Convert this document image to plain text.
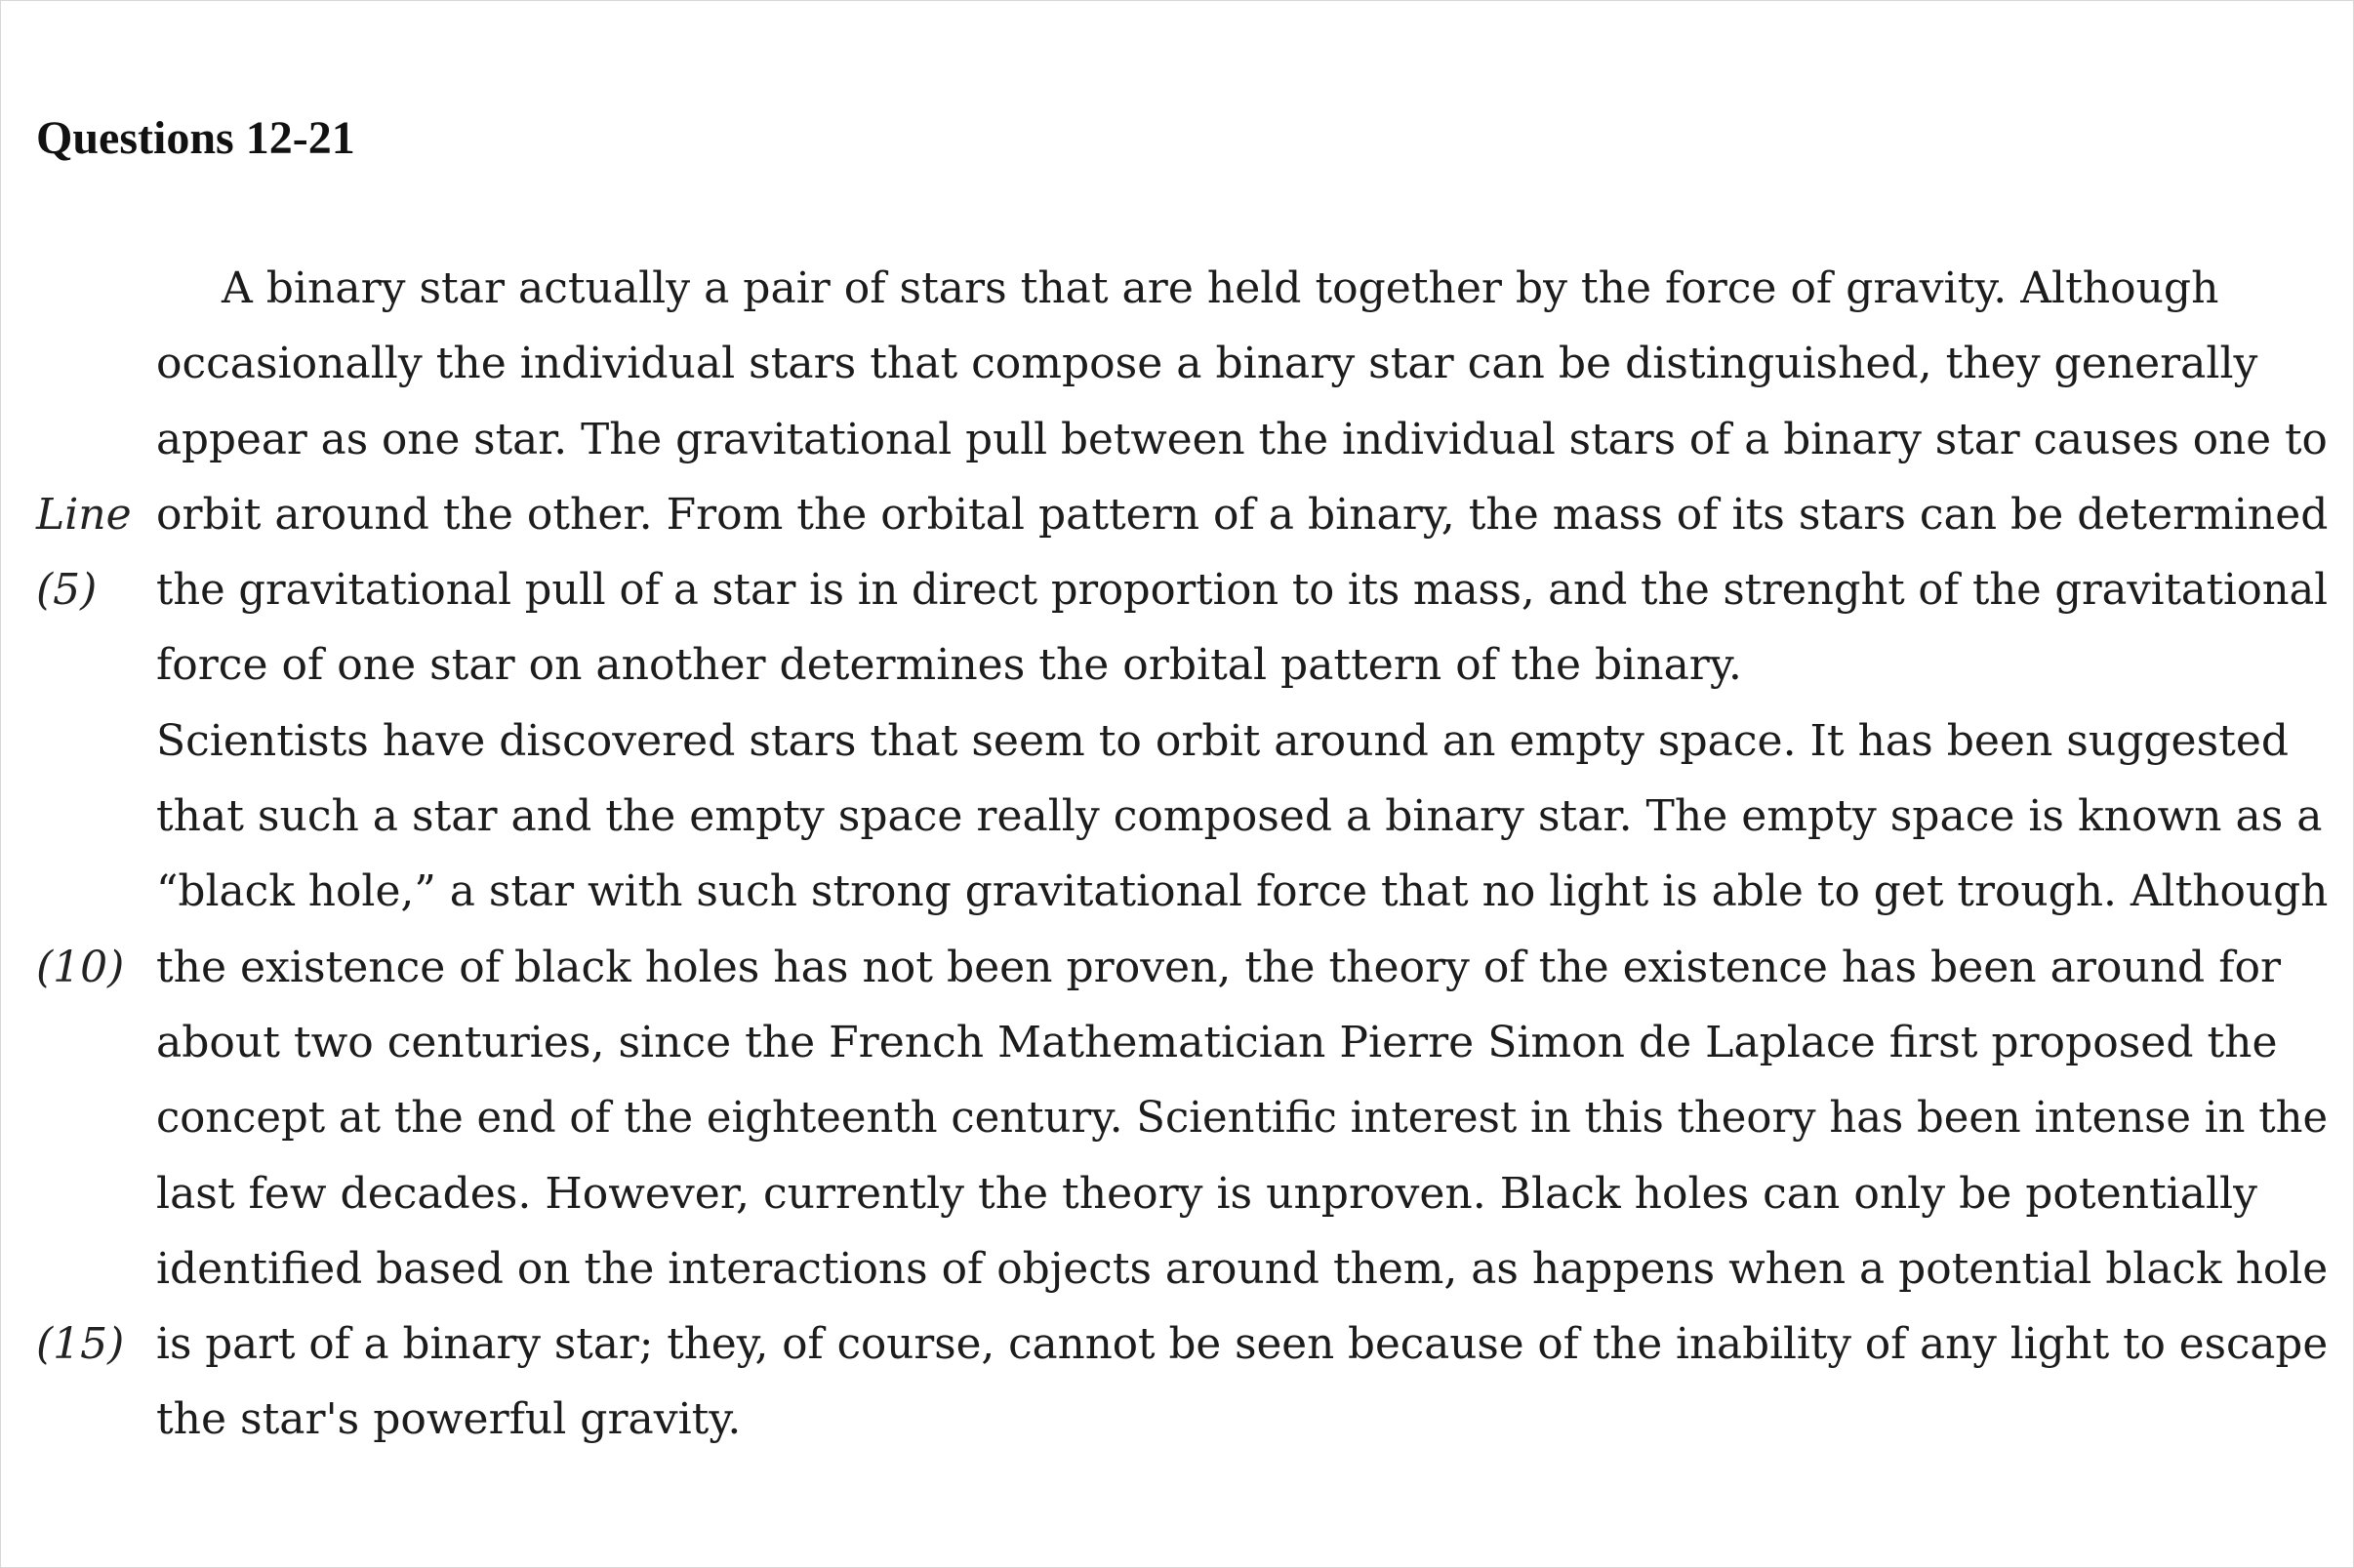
Questions 12-21
A binary star actually a pair of stars that are held together by the force of gravity. Although
occasionally the individual stars that compose a binary star can be distinguished, they generally
appear as one star. The gravitational pull between the individual stars of a binary star causes one to
Line orbit around the other. From the orbital pattern of a binary, the mass of its stars can be determined
(5) the gravitational pull of a star is in direct proportion to its mass, and the strenght of the gravitational
force of one star on another determines the orbital pattern of the binary.
Scientists have discovered stars that seem to orbit around an empty space. It has been suggested
that such a star and the empty space really composed a binary star. The empty space is known as a
“black hole,” a star with such strong gravitational force that no light is able to get trough. Although
(10) the existence of black holes has not been proven, the theory of the existence has been around for
about two centuries, since the French Mathematician Pierre Simon de Laplace first proposed the
concept at the end of the eighteenth century. Scientific interest in this theory has been intense in the
last few decades. However, currently the theory is unproven. Black holes can only be potentially
identified based on the interactions of objects around them, as happens when a potential black hole
(15) is part of a binary star; they, of course, cannot be seen because of the inability of any light to escape
the star's powerful gravity.
